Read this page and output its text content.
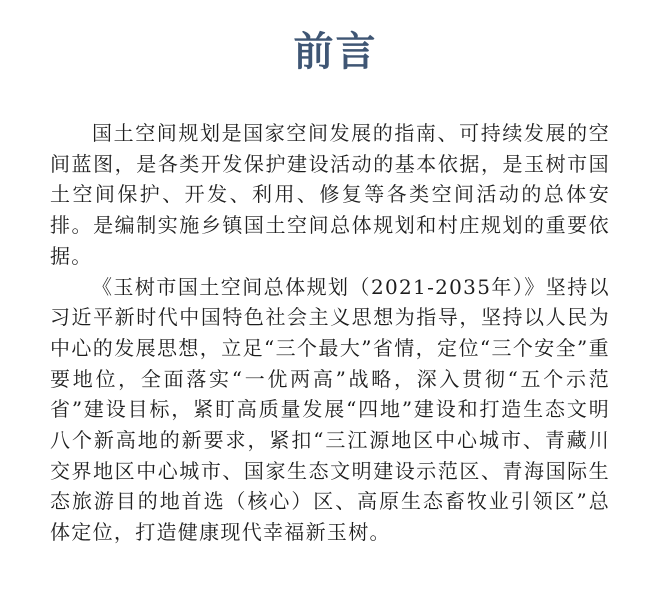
前言

国土空间规划是国家空间发展的指南、可持续发展的空间蓝图，是各类开发保护建设活动的基本依据，是玉树市国土空间保护、开发、利用、修复等各类空间活动的总体安排。是编制实施乡镇国土空间总体规划和村庄规划的重要依据。

《玉树市国土空间总体规划（2021-2035年）》坚持以习近平新时代中国特色社会主义思想为指导，坚持以人民为中心的发展思想，立足“三个最大”省情，定位“三个安全”重要地位，全面落实“一优两高”战略，深入贯彻“五个示范省”建设目标，紧盯高质量发展“四地”建设和打造生态文明八个新高地的新要求，紧扣“三江源地区中心城市、青藏川交界地区中心城市、国家生态文明建设示范区、青海国际生态旅游目的地首选（核心）区、高原生态畜牧业引领区”总体定位，打造健康现代幸福新玉树。
